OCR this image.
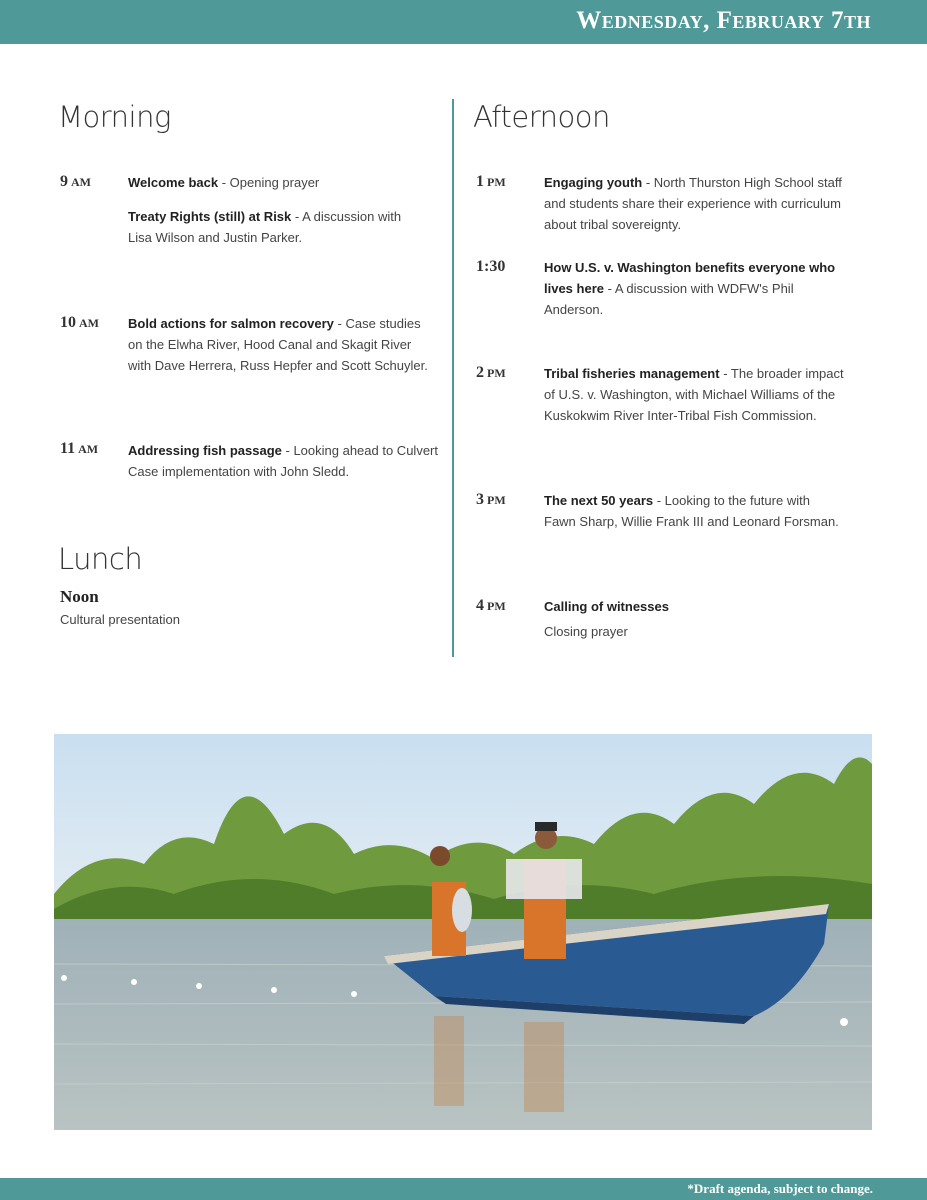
Wednesday, February 7th
Morning
9 AM	Welcome back - Opening prayer
Treaty Rights (still) at Risk - A discussion with Lisa Wilson and Justin Parker.
10 AM Bold actions for salmon recovery - Case studies on the Elwha River, Hood Canal and Skagit River with Dave Herrera, Russ Hepfer and Scott Schuyler.
11 AM Addressing fish passage - Looking ahead to Culvert Case implementation with John Sledd.
Lunch
Noon
Cultural presentation
Afternoon
1 PM	Engaging youth - North Thurston High School staff and students share their experience with curriculum about tribal sovereignty.
1:30	How U.S. v. Washington benefits everyone who lives here - A discussion with WDFW's Phil Anderson.
2 PM	Tribal fisheries management - The broader impact of U.S. v. Washington, with Michael Williams of the Kuskokwim River Inter-Tribal Fish Commission.
3 PM	The next 50 years - Looking to the future with Fawn Sharp, Willie Frank III and Leonard Forsman.
4 PM	Calling of witnesses
Closing prayer
*Draft agenda, subject to change.
